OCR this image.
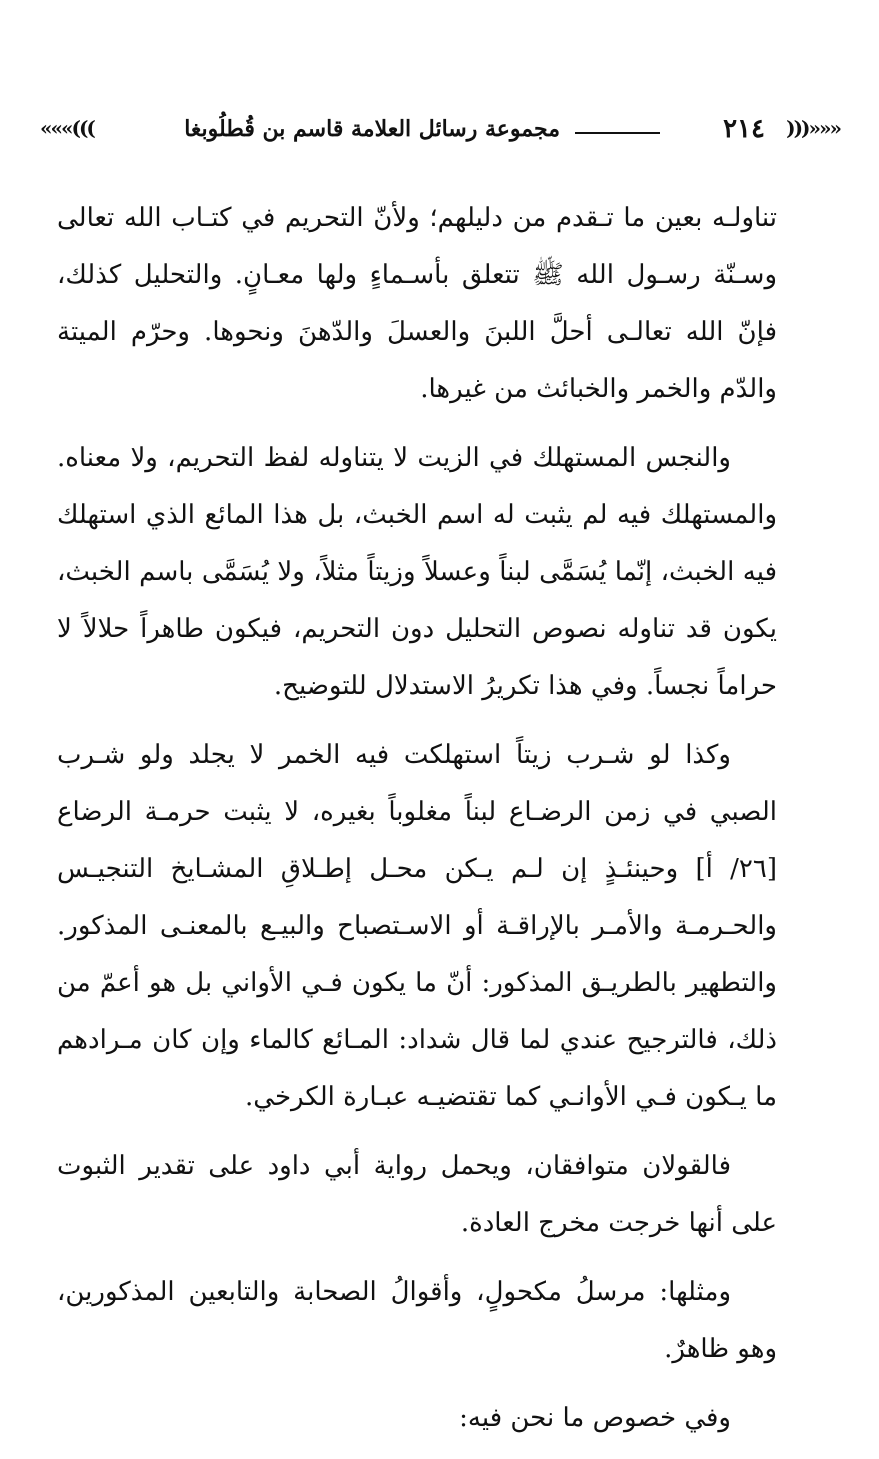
)))»»»
٢١٤
مجموعة رسائل العلامة قاسم بن قُطلُوبغا
«««(((

تناولـه بعين ما تـقدم من دليلهم؛ ولأنّ التحريم في كتـاب الله تعالى وسـنّة رسـول الله ﷺ تتعلق بأسـماءٍ ولها معـانٍ. والتحليل كذلك، فإنّ الله تعالـى أحلَّ اللبنَ والعسلَ والدّهنَ ونحوها. وحرّم الميتة والدّم والخمر والخبائث من غيرها.

والنجس المستهلك في الزيت لا يتناوله لفظ التحريم، ولا معناه. والمستهلك فيه لم يثبت له اسم الخبث، بل هذا المائع الذي استهلك فيه الخبث، إنّما يُسَمَّى لبناً وعسلاً وزيتاً مثلاً، ولا يُسَمَّى باسم الخبث، يكون قد تناوله نصوص التحليل دون التحريم، فيكون طاهراً حلالاً لا حراماً نجساً. وفي هذا تكريرُ الاستدلال للتوضيح.

وكذا لو شـرب زيتاً استهلكت فيه الخمر لا يجلد ولو شـرب الصبي في زمن الرضـاع لبناً مغلوباً بغيره، لا يثبت حرمـة الرضاع [٢٦/ أ] وحينئـذٍ إن لـم يـكن محـل إطـلاقِ المشـايخ التنجيـس والحـرمـة والأمـر بالإراقـة أو الاسـتصباح والبيـع بالمعنـى المذكور. والتطهير بالطريـق المذكور: أنّ ما يكون فـي الأواني بل هو أعمّ من ذلك، فالترجيح عندي لما قال شداد: المـائع كالماء وإن كان مـرادهم ما يـكون فـي الأوانـي كما تقتضيـه عبـارة الكرخي.

فالقولان متوافقان، ويحمل رواية أبي داود على تقدير الثبوت على أنها خرجت مخرج العادة.

ومثلها: مرسلُ مكحولٍ، وأقوالُ الصحابة والتابعين المذكورين، وهو ظاهرٌ.

وفي خصوص ما نحن فيه:
